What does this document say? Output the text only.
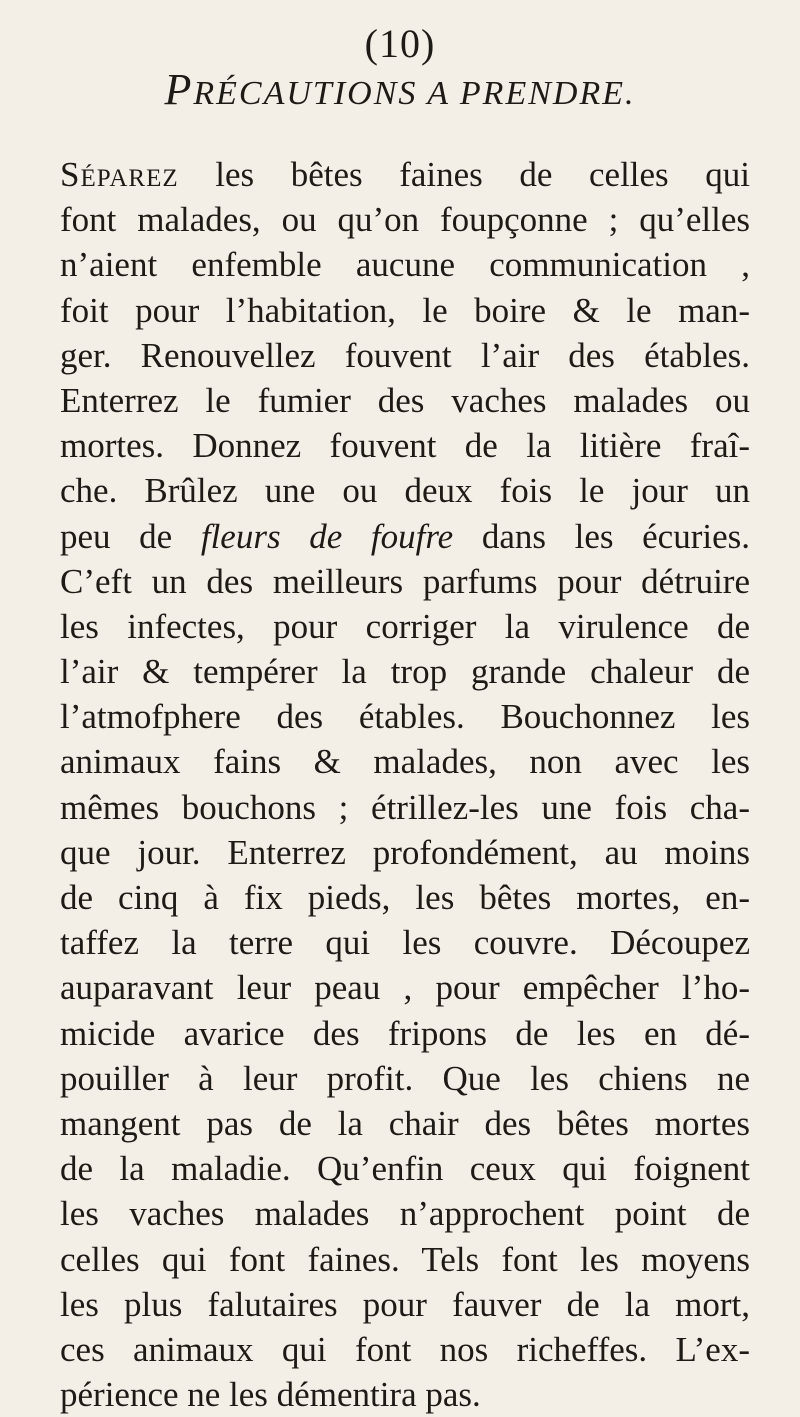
(10)
PRÉCAUTIONS A PRENDRE.
Séparez les bêtes faines de celles qui
font malades, ou qu’on foupçonne ; qu’elles
n’aient enfemble aucune communication ,
foit pour l’habitation, le boire & le man-
ger. Renouvellez fouvent l’air des étables.
Enterrez le fumier des vaches malades ou
mortes. Donnez fouvent de la litière fraî-
che. Brûlez une ou deux fois le jour un
peu de fleurs de foufre dans les écuries.
C’eft un des meilleurs parfums pour détruire
les infectes, pour corriger la virulence de
l’air & tempérer la trop grande chaleur de
l’atmofphere des étables. Bouchonnez les
animaux fains & malades, non avec les
mêmes bouchons ; étrillez-les une fois cha-
que jour. Enterrez profondément, au moins
de cinq à fix pieds, les bêtes mortes, en-
taffez la terre qui les couvre. Découpez
auparavant leur peau , pour empêcher l’ho-
micide avarice des fripons de les en dé-
pouiller à leur profit. Que les chiens ne
mangent pas de la chair des bêtes mortes
de la maladie. Qu’enfin ceux qui foignent
les vaches malades n’approchent point de
celles qui font faines. Tels font les moyens
les plus falutaires pour fauver de la mort,
ces animaux qui font nos richeffes. L’ex-
périence ne les démentira pas.
